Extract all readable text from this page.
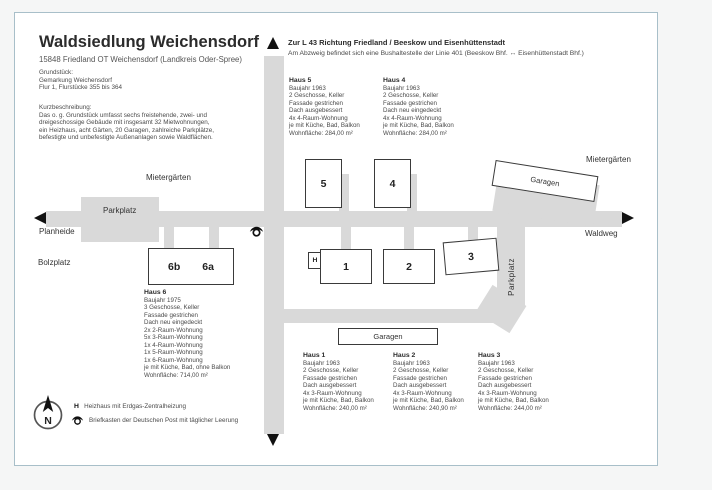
Waldsiedlung Weichensdorf
15848 Friedland OT Weichensdorf (Landkreis Oder-Spree)
Grundstück:
Gemarkung Weichensdorf
Flur 1, Flurstücke 355 bis 364
Kurzbeschreibung:
Das o. g. Grundstück umfasst sechs freistehende, zwei- und
dreigeschossige Gebäude mit insgesamt 32 Mietwohnungen,
ein Heizhaus, acht Gärten, 20 Garagen, zahlreiche Parkplätze,
befestigte und unbefestigte Außenanlagen sowie Waldflächen.
Zur L 43 Richtung Friedland / Beeskow und Eisenhüttenstadt
Am Abzweig befindet sich eine Bushaltestelle der Linie 401 (Beeskow Bhf. ↔ Eisenhüttenstadt Bhf.)
5	4
6b 6a	H 1	2
3
Garagen
Garagen
Mietergärten
Parkplatz
Planheide
Bolzplatz
Mietergärten
Waldweg
Parkplatz
Haus 5
Baujahr 1963
2 Geschosse, Keller
Fassade gestrichen
Dach ausgebessert
4x 4-Raum-Wohnung
je mit Küche, Bad, Balkon
Wohnfläche: 284,00 m²
Haus 4
Baujahr 1963
2 Geschosse, Keller
Fassade gestrichen
Dach neu eingedeckt
4x 4-Raum-Wohnung
je mit Küche, Bad, Balkon
Wohnfläche: 284,00 m²
Haus 6
Baujahr 1975
3 Geschosse, Keller
Fassade gestrichen
Dach neu eingedeckt
2x 2-Raum-Wohnung
5x 3-Raum-Wohnung
1x 4-Raum-Wohnung
1x 5-Raum-Wohnung
1x 6-Raum-Wohnung
je mit Küche, Bad, ohne Balkon
Wohnfläche: 714,00 m²
Haus 1
Baujahr 1963
2 Geschosse, Keller
Fassade gestrichen
Dach ausgebessert
4x 3-Raum-Wohnung
je mit Küche, Bad, Balkon
Wohnfläche: 240,00 m²
Haus 2
Baujahr 1963
2 Geschosse, Keller
Fassade gestrichen
Dach ausgebessert
4x 3-Raum-Wohnung
je mit Küche, Bad, Balkon
Wohnfläche: 240,90 m²
Haus 3
Baujahr 1963
2 Geschosse, Keller
Fassade gestrichen
Dach ausgebessert
4x 3-Raum-Wohnung
je mit Küche, Bad, Balkon
Wohnfläche: 244,00 m²
N
H Heizhaus mit Erdgas-Zentralheizung
Briefkasten der Deutschen Post mit täglicher Leerung
